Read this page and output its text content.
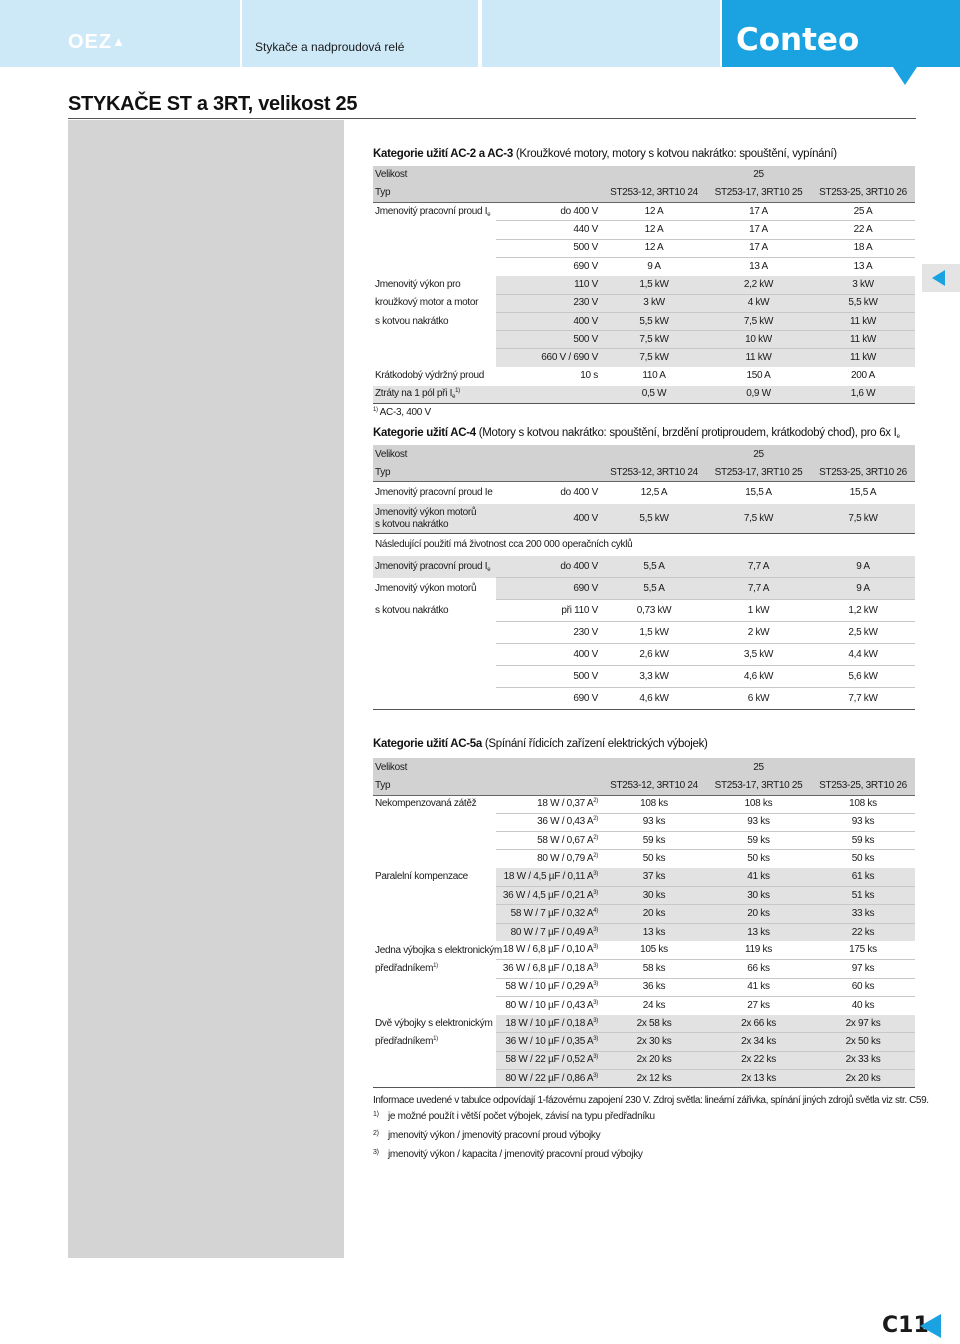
OEZ▲	Stykače a nadproudová relé	Conteo
STYKAČE ST a 3RT, velikost 25
Kategorie užití AC-2 a AC-3 (Kroužkové motory, motory s kotvou nakrátko: spouštění, vypínání)
Velikost		25		
Typ		ST253-12, 3RT10 24	ST253-17, 3RT10 25	ST253-25, 3RT10 26
Jmenovitý pracovní proud $I_e$	do 400 V	12 A	17 A	25 A
	440 V	12 A	17 A	22 A
	500 V	12 A	17 A	18 A
	690 V	9 A	13 A	13 A
Jmenovitý výkon pro	110 V	1,5 kW	2,2 kW	3 kW
kroužkový motor a motor	230 V	3 kW	4 kW	5,5 kW
s kotvou nakrátko	400 V	5,5 kW	7,5 kW	11 kW
	500 V	7,5 kW	10 kW	11 kW
	660 V / 690 V	7,5 kW	11 kW	11 kW
Krátkodobý výdržný proud	10 s	110 A	150 A	200 A
Ztráty na 1 pól při $I_e^{1)}$		0,5 W	0,9 W	1,6 W
$^{1)}$ AC-3, 400 V
Kategorie užití AC-4 (Motory s kotvou nakrátko: spouštění, brzdění protiproudem, krátkodobý chod), pro 6x $I_e$
Velikost		25		
Typ		ST253-12, 3RT10 24	ST253-17, 3RT10 25	ST253-25, 3RT10 26
Jmenovitý pracovní proud Ie	do 400 V	12,5 A	15,5 A	15,5 A
Jmenovitý výkon motorů
s kotvou nakrátko	400 V	5,5 kW	7,5 kW	7,5 kW
Následující použití má životnost cca 200 000 operačních cyklů				
Jmenovitý pracovní proud $I_e$	do 400 V	5,5 A	7,7 A	9 A
Jmenovitý výkon motorů	690 V	5,5 A	7,7 A	9 A
s kotvou nakrátko	při 110 V	0,73 kW	1 kW	1,2 kW
	230 V	1,5 kW	2 kW	2,5 kW
	400 V	2,6 kW	3,5 kW	4,4 kW
	500 V	3,3 kW	4,6 kW	5,6 kW
	690 V	4,6 kW	6 kW	7,7 kW
Kategorie užití AC-5a (Spínání řídicích zařízení elektrických výbojek)
Velikost		25		
Typ		ST253-12, 3RT10 24	ST253-17, 3RT10 25	ST253-25, 3RT10 26
Nekompenzovaná zátěž	18 W / 0,37 $A^{2)}$	108 ks	108 ks	108 ks
	36 W / 0,43 $A^{2)}$	93 ks	93 ks	93 ks
	58 W / 0,67 $A^{2)}$	59 ks	59 ks	59 ks
	80 W / 0,79 $A^{2)}$	50 ks	50 ks	50 ks
Paralelní kompenzace	18 W / 4,5 µF / 0,11 $A^{3)}$	37 ks	41 ks	61 ks
	36 W / 4,5 µF / 0,21 $A^{3)}$	30 ks	30 ks	51 ks
	58 W / 7 µF / 0,32 $A^{4)}$	20 ks	20 ks	33 ks
	80 W / 7 µF / 0,49 $A^{3)}$	13 ks	13 ks	22 ks
Jedna výbojka s elektronickým	18 W / 6,8 µF / 0,10 $A^{3)}$	105 ks	119 ks	175 ks
předřadníkem$^{1)}$	36 W / 6,8 µF / 0,18 $A^{3)}$	58 ks	66 ks	97 ks
	58 W / 10 µF / 0,29 $A^{3)}$	36 ks	41 ks	60 ks
	80 W / 10 µF / 0,43 $A^{3)}$	24 ks	27 ks	40 ks
Dvě výbojky s elektronickým	18 W / 10 µF / 0,18 $A^{3)}$	2x 58 ks	2x 66 ks	2x 97 ks
předřadníkem$^{1)}$	36 W / 10 µF / 0,35 $A^{3)}$	2x 30 ks	2x 34 ks	2x 50 ks
	58 W / 22 µF / 0,52 $A^{3)}$	2x 20 ks	2x 22 ks	2x 33 ks
	80 W / 22 µF / 0,86 $A^{3)}$	2x 12 ks	2x 13 ks	2x 20 ks
Informace uvedené v tabulce odpovídají 1-fázovému zapojení 230 V. Zdroj světla: lineární zářivka, spínání jiných zdrojů světla viz str. C59.
1) je možné použít i větší počet výbojek, závisí na typu předřadníku
2) jmenovitý výkon / jmenovitý pracovní proud výbojky
3) jmenovitý výkon / kapacita / jmenovitý pracovní proud výbojky
C11
